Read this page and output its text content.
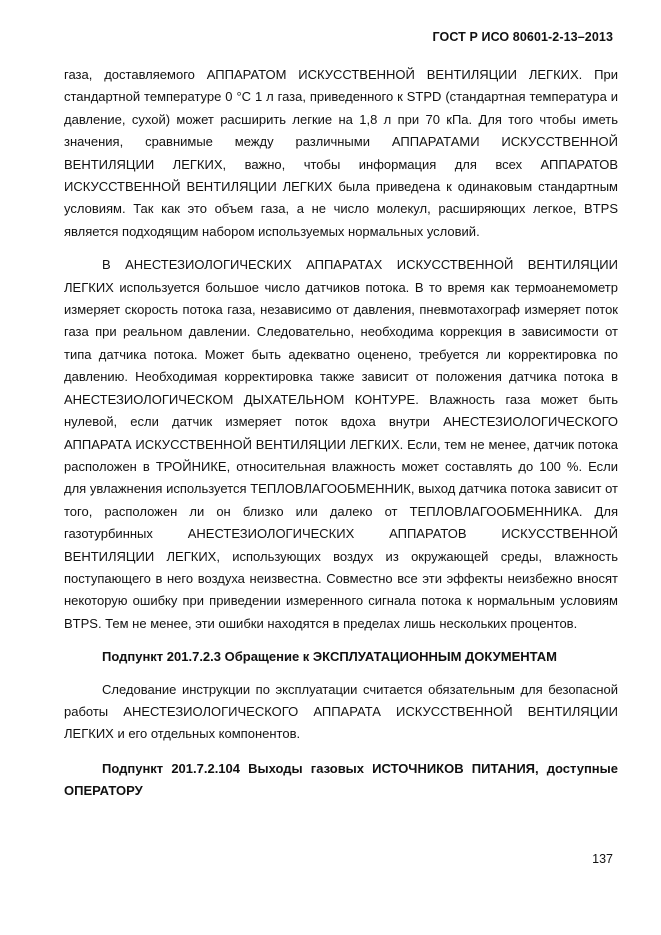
ГОСТ Р ИСО 80601-2-13–2013

газа, доставляемого АППАРАТОМ ИСКУССТВЕННОЙ ВЕНТИЛЯЦИИ ЛЕГКИХ. При стандартной температуре 0 °С 1 л газа, приведенного к STPD (стандартная температура и давление, сухой) может расширить легкие на 1,8 л при 70 кПа. Для того чтобы иметь значения, сравнимые между различными АППАРАТАМИ ИСКУССТВЕННОЙ ВЕНТИЛЯЦИИ ЛЕГКИХ, важно, чтобы информация для всех АППАРАТОВ ИСКУССТВЕННОЙ ВЕНТИЛЯЦИИ ЛЕГКИХ была приведена к одинаковым стандартным условиям. Так как это объем газа, а не число молекул, расширяющих легкое, BTPS является подходящим набором используемых нормальных условий.

В АНЕСТЕЗИОЛОГИЧЕСКИХ АППАРАТАХ ИСКУССТВЕННОЙ ВЕНТИЛЯЦИИ ЛЕГКИХ используется большое число датчиков потока. В то время как термоанемометр измеряет скорость потока газа, независимо от давления, пневмотахограф измеряет поток газа при реальном давлении. Следовательно, необходима коррекция в зависимости от типа датчика потока. Может быть адекватно оценено, требуется ли корректировка по давлению. Необходимая корректировка также зависит от положения датчика потока в АНЕСТЕЗИОЛОГИЧЕСКОМ ДЫХАТЕЛЬНОМ КОНТУРЕ. Влажность газа может быть нулевой, если датчик измеряет поток вдоха внутри АНЕСТЕЗИОЛОГИЧЕСКОГО АППАРАТА ИСКУССТВЕННОЙ ВЕНТИЛЯЦИИ ЛЕГКИХ. Если, тем не менее, датчик потока расположен в ТРОЙНИКЕ, относительная влажность может составлять до 100 %. Если для увлажнения используется ТЕПЛОВЛАГООБМЕННИК, выход датчика потока зависит от того, расположен ли он близко или далеко от ТЕПЛОВЛАГООБМЕННИКА. Для газотурбинных АНЕСТЕЗИОЛОГИЧЕСКИХ АППАРАТОВ ИСКУССТВЕННОЙ ВЕНТИЛЯЦИИ ЛЕГКИХ, использующих воздух из окружающей среды, влажность поступающего в него воздуха неизвестна. Совместно все эти эффекты неизбежно вносят некоторую ошибку при приведении измеренного сигнала потока к нормальным условиям BTPS. Тем не менее, эти ошибки находятся в пределах лишь нескольких процентов.

Подпункт 201.7.2.3 Обращение к ЭКСПЛУАТАЦИОННЫМ ДОКУМЕНТАМ

Следование инструкции по эксплуатации считается обязательным для безопасной работы АНЕСТЕЗИОЛОГИЧЕСКОГО АППАРАТА ИСКУССТВЕННОЙ ВЕНТИЛЯЦИИ ЛЕГКИХ и его отдельных компонентов.

Подпункт 201.7.2.104 Выходы газовых ИСТОЧНИКОВ ПИТАНИЯ, доступные ОПЕРАТОРУ

137
